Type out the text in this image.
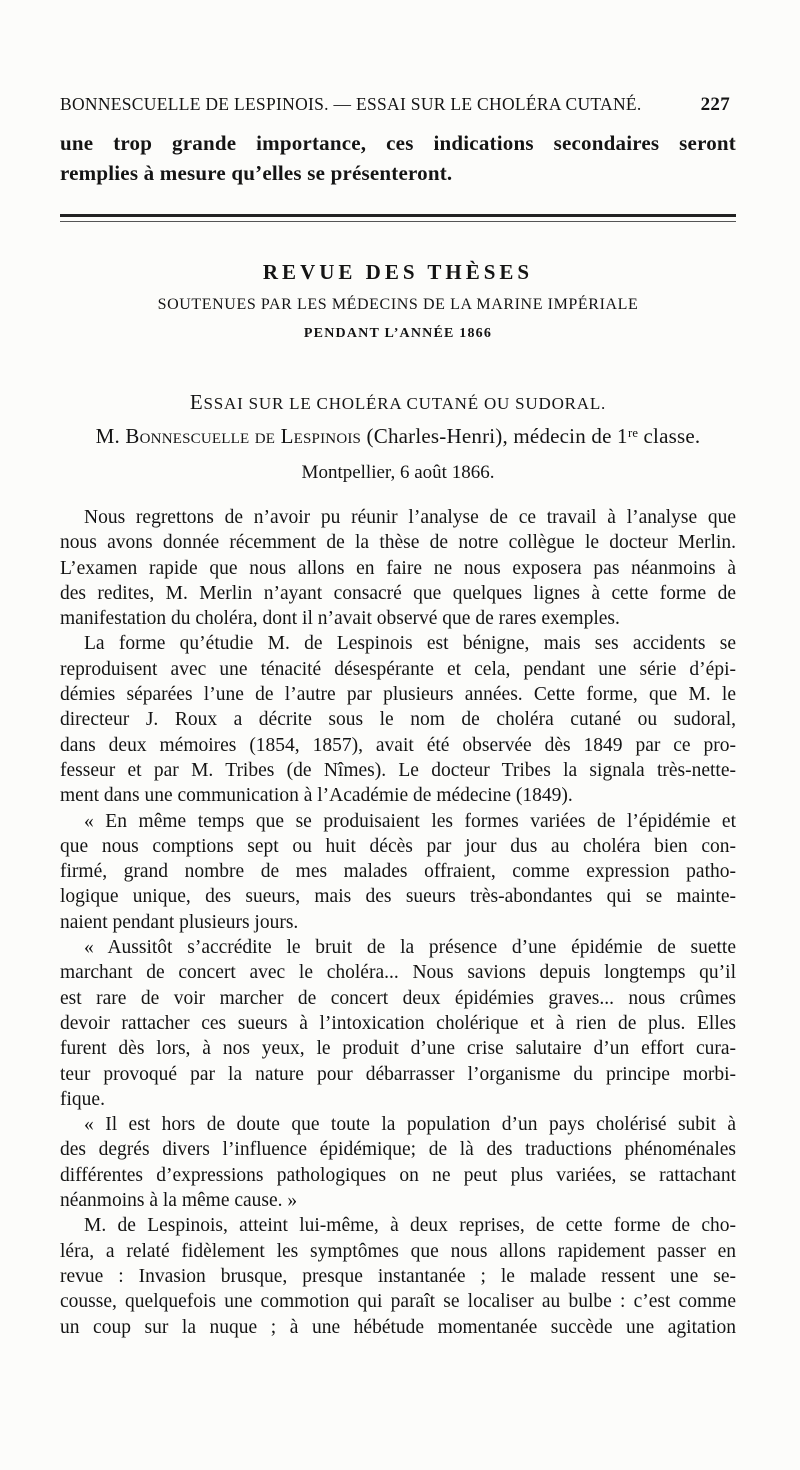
BONNESCUELLE DE LESPINOIS. — ESSAI SUR LE CHOLÉRA CUTANÉ.	227
une trop grande importance, ces indications secondaires seront
remplies à mesure qu’elles se présenteront.
REVUE DES THÈSES
SOUTENUES PAR LES MÉDECINS DE LA MARINE IMPÉRIALE
PENDANT L’ANNÉE 1866
ESSAI SUR LE CHOLÉRA CUTANÉ OU SUDORAL.
M. Bonnescuelle de Lespinois (Charles-Henri), médecin de 1ʳᵉ classe.
Montpellier, 6 août 1866.
Nous regrettons de n’avoir pu réunir l’analyse de ce travail à l’analyse que
nous avons donnée récemment de la thèse de notre collègue le docteur Merlin.
L’examen rapide que nous allons en faire ne nous exposera pas néanmoins à
des redites, M. Merlin n’ayant consacré que quelques lignes à cette forme de
manifestation du choléra, dont il n’avait observé que de rares exemples.
La forme qu’étudie M. de Lespinois est bénigne, mais ses accidents se
reproduisent avec une ténacité désespérante et cela, pendant une série d’épi-
démies séparées l’une de l’autre par plusieurs années. Cette forme, que M. le
directeur J. Roux a décrite sous le nom de choléra cutané ou sudoral,
dans deux mémoires (1854, 1857), avait été observée dès 1849 par ce pro-
fesseur et par M. Tribes (de Nîmes). Le docteur Tribes la signala très-nette-
ment dans une communication à l’Académie de médecine (1849).
« En même temps que se produisaient les formes variées de l’épidémie et
que nous comptions sept ou huit décès par jour dus au choléra bien con-
firmé, grand nombre de mes malades offraient, comme expression patho-
logique unique, des sueurs, mais des sueurs très-abondantes qui se mainte-
naient pendant plusieurs jours.
« Aussitôt s’accrédite le bruit de la présence d’une épidémie de suette
marchant de concert avec le choléra... Nous savions depuis longtemps qu’il
est rare de voir marcher de concert deux épidémies graves... nous crûmes
devoir rattacher ces sueurs à l’intoxication cholérique et à rien de plus. Elles
furent dès lors, à nos yeux, le produit d’une crise salutaire d’un effort cura-
teur provoqué par la nature pour débarrasser l’organisme du principe morbi-
fique.
« Il est hors de doute que toute la population d’un pays cholérisé subit à
des degrés divers l’influence épidémique; de là des traductions phénoménales
différentes d’expressions pathologiques on ne peut plus variées, se rattachant
néanmoins à la même cause. »
M. de Lespinois, atteint lui-même, à deux reprises, de cette forme de cho-
léra, a relaté fidèlement les symptômes que nous allons rapidement passer en
revue : Invasion brusque, presque instantanée ; le malade ressent une se-
cousse, quelquefois une commotion qui paraît se localiser au bulbe : c’est comme
un coup sur la nuque ; à une hébétude momentanée succède une agitation
